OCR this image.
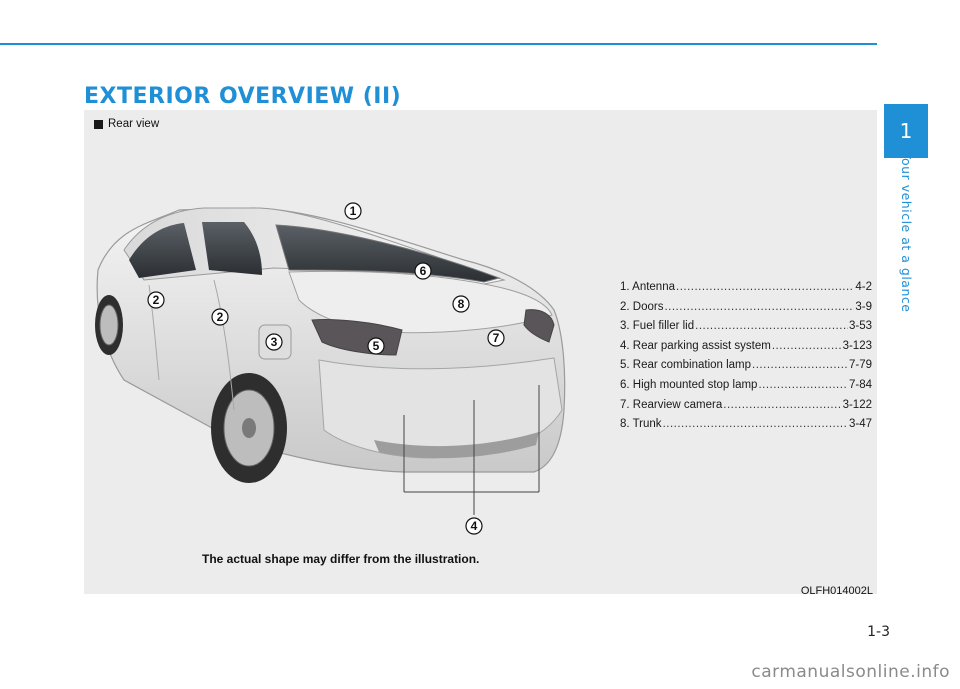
EXTERIOR OVERVIEW (II)
1
Your vehicle at a glance
Rear view
1
2
2
3
4
5
6
7
8
1. Antenna .....	4-2
2. Doors .....	3-9
3. Fuel filler lid .....	3-53
4. Rear parking assist system .....	3-123
5. Rear combination lamp .....	7-79
6. High mounted stop lamp .....	7-84
7. Rearview camera .....	3-122
8. Trunk .....	3-47
The actual shape may differ from the illustration.
OLFH014002L
1-3
carmanualsonline.info
